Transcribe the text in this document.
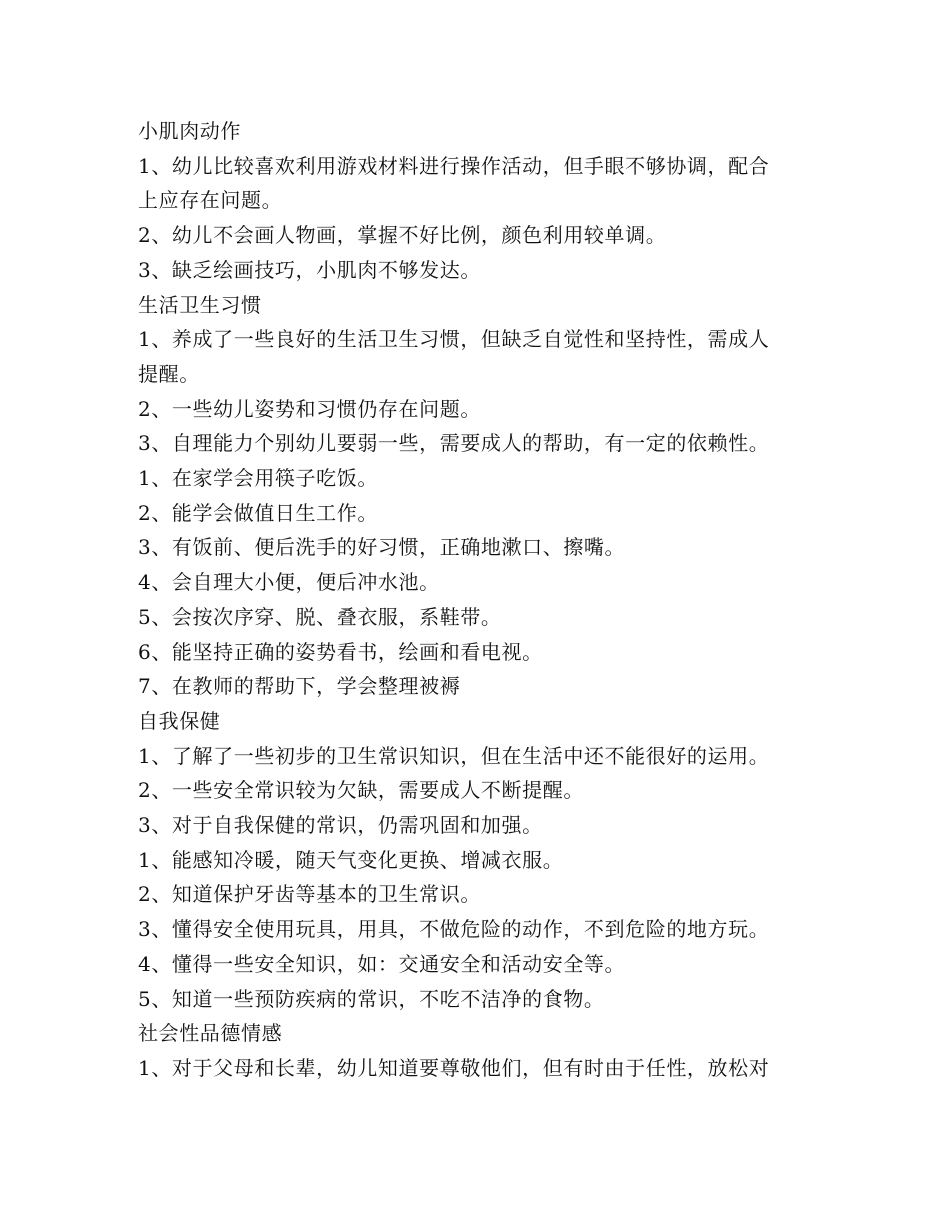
小肌肉动作

1、幼儿比较喜欢利用游戏材料进行操作活动，但手眼不够协调，配合

上应存在问题。

2、幼儿不会画人物画，掌握不好比例，颜色利用较单调。

3、缺乏绘画技巧，小肌肉不够发达。

生活卫生习惯

1、养成了一些良好的生活卫生习惯，但缺乏自觉性和坚持性，需成人

提醒。

2、一些幼儿姿势和习惯仍存在问题。

3、自理能力个别幼儿要弱一些，需要成人的帮助，有一定的依赖性。

1、在家学会用筷子吃饭。

2、能学会做值日生工作。

3、有饭前、便后洗手的好习惯，正确地漱口、擦嘴。

4、会自理大小便，便后冲水池。

5、会按次序穿、脱、叠衣服，系鞋带。

6、能坚持正确的姿势看书，绘画和看电视。

7、在教师的帮助下，学会整理被褥

自我保健

1、了解了一些初步的卫生常识知识，但在生活中还不能很好的运用。

2、一些安全常识较为欠缺，需要成人不断提醒。

3、对于自我保健的常识，仍需巩固和加强。

1、能感知冷暖，随天气变化更换、增减衣服。

2、知道保护牙齿等基本的卫生常识。

3、懂得安全使用玩具，用具，不做危险的动作，不到危险的地方玩。

4、懂得一些安全知识，如：交通安全和活动安全等。

5、知道一些预防疾病的常识，不吃不洁净的食物。

社会性品德情感

1、对于父母和长辈，幼儿知道要尊敬他们，但有时由于任性，放松对
